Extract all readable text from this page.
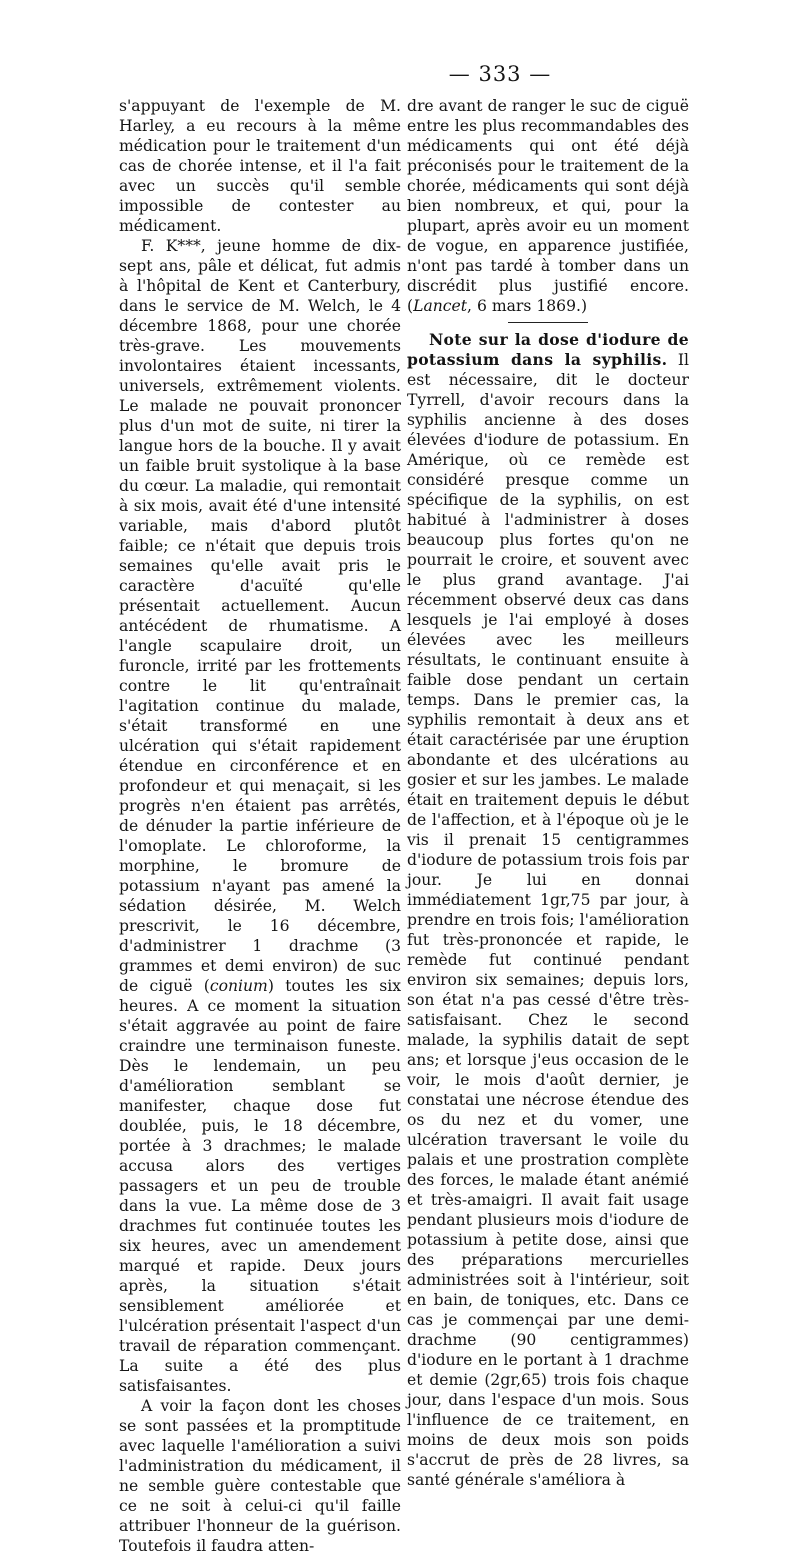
— 333 —

s'appuyant de l'exemple de M. Harley, a eu recours à la même médication pour le traitement d'un cas de chorée intense, et il l'a fait avec un succès qu'il semble impossible de contester au médicament.

F. K***, jeune homme de dix-sept ans, pâle et délicat, fut admis à l'hôpital de Kent et Canterbury, dans le service de M. Welch, le 4 décembre 1868, pour une chorée très-grave. Les mouvements involontaires étaient incessants, universels, extrêmement violents. Le malade ne pouvait prononcer plus d'un mot de suite, ni tirer la langue hors de la bouche. Il y avait un faible bruit systolique à la base du cœur. La maladie, qui remontait à six mois, avait été d'une intensité variable, mais d'abord plutôt faible; ce n'était que depuis trois semaines qu'elle avait pris le caractère d'acuïté qu'elle présentait actuellement. Aucun antécédent de rhumatisme. A l'angle scapulaire droit, un furoncle, irrité par les frottements contre le lit qu'entraînait l'agitation continue du malade, s'était transformé en une ulcération qui s'était rapidement étendue en circonférence et en profondeur et qui menaçait, si les progrès n'en étaient pas arrêtés, de dénuder la partie inférieure de l'omoplate. Le chloroforme, la morphine, le bromure de potassium n'ayant pas amené la sédation désirée, M. Welch prescrivit, le 16 décembre, d'administrer 1 drachme (3 grammes et demi environ) de suc de ciguë (conium) toutes les six heures. A ce moment la situation s'était aggravée au point de faire craindre une terminaison funeste. Dès le lendemain, un peu d'amélioration semblant se manifester, chaque dose fut doublée, puis, le 18 décembre, portée à 3 drachmes; le malade accusa alors des vertiges passagers et un peu de trouble dans la vue. La même dose de 3 drachmes fut continuée toutes les six heures, avec un amendement marqué et rapide. Deux jours après, la situation s'était sensiblement améliorée et l'ulcération présentait l'aspect d'un travail de réparation commençant. La suite a été des plus satisfaisantes.

A voir la façon dont les choses se sont passées et la promptitude avec laquelle l'amélioration a suivi l'administration du médicament, il ne semble guère contestable que ce ne soit à celui-ci qu'il faille attribuer l'honneur de la guérison. Toutefois il faudra atten-

dre avant de ranger le suc de ciguë entre les plus recommandables des médicaments qui ont été déjà préconisés pour le traitement de la chorée, médicaments qui sont déjà bien nombreux, et qui, pour la plupart, après avoir eu un moment de vogue, en apparence justifiée, n'ont pas tardé à tomber dans un discrédit plus justifié encore. (Lancet, 6 mars 1869.)

Note sur la dose d'iodure de potassium dans la syphilis. Il est nécessaire, dit le docteur Tyrrell, d'avoir recours dans la syphilis ancienne à des doses élevées d'iodure de potassium. En Amérique, où ce remède est considéré presque comme un spécifique de la syphilis, on est habitué à l'administrer à doses beaucoup plus fortes qu'on ne pourrait le croire, et souvent avec le plus grand avantage. J'ai récemment observé deux cas dans lesquels je l'ai employé à doses élevées avec les meilleurs résultats, le continuant ensuite à faible dose pendant un certain temps. Dans le premier cas, la syphilis remontait à deux ans et était caractérisée par une éruption abondante et des ulcérations au gosier et sur les jambes. Le malade était en traitement depuis le début de l'affection, et à l'époque où je le vis il prenait 15 centigrammes d'iodure de potassium trois fois par jour. Je lui en donnai immédiatement 1gr,75 par jour, à prendre en trois fois; l'amélioration fut très-prononcée et rapide, le remède fut continué pendant environ six semaines; depuis lors, son état n'a pas cessé d'être très-satisfaisant. Chez le second malade, la syphilis datait de sept ans; et lorsque j'eus occasion de le voir, le mois d'août dernier, je constatai une nécrose étendue des os du nez et du vomer, une ulcération traversant le voile du palais et une prostration complète des forces, le malade étant anémié et très-amaigri. Il avait fait usage pendant plusieurs mois d'iodure de potassium à petite dose, ainsi que des préparations mercurielles administrées soit à l'intérieur, soit en bain, de toniques, etc. Dans ce cas je commençai par une demi-drachme (90 centigrammes) d'iodure en le portant à 1 drachme et demie (2gr,65) trois fois chaque jour, dans l'espace d'un mois. Sous l'influence de ce traitement, en moins de deux mois son poids s'accrut de près de 28 livres, sa santé générale s'améliora à
